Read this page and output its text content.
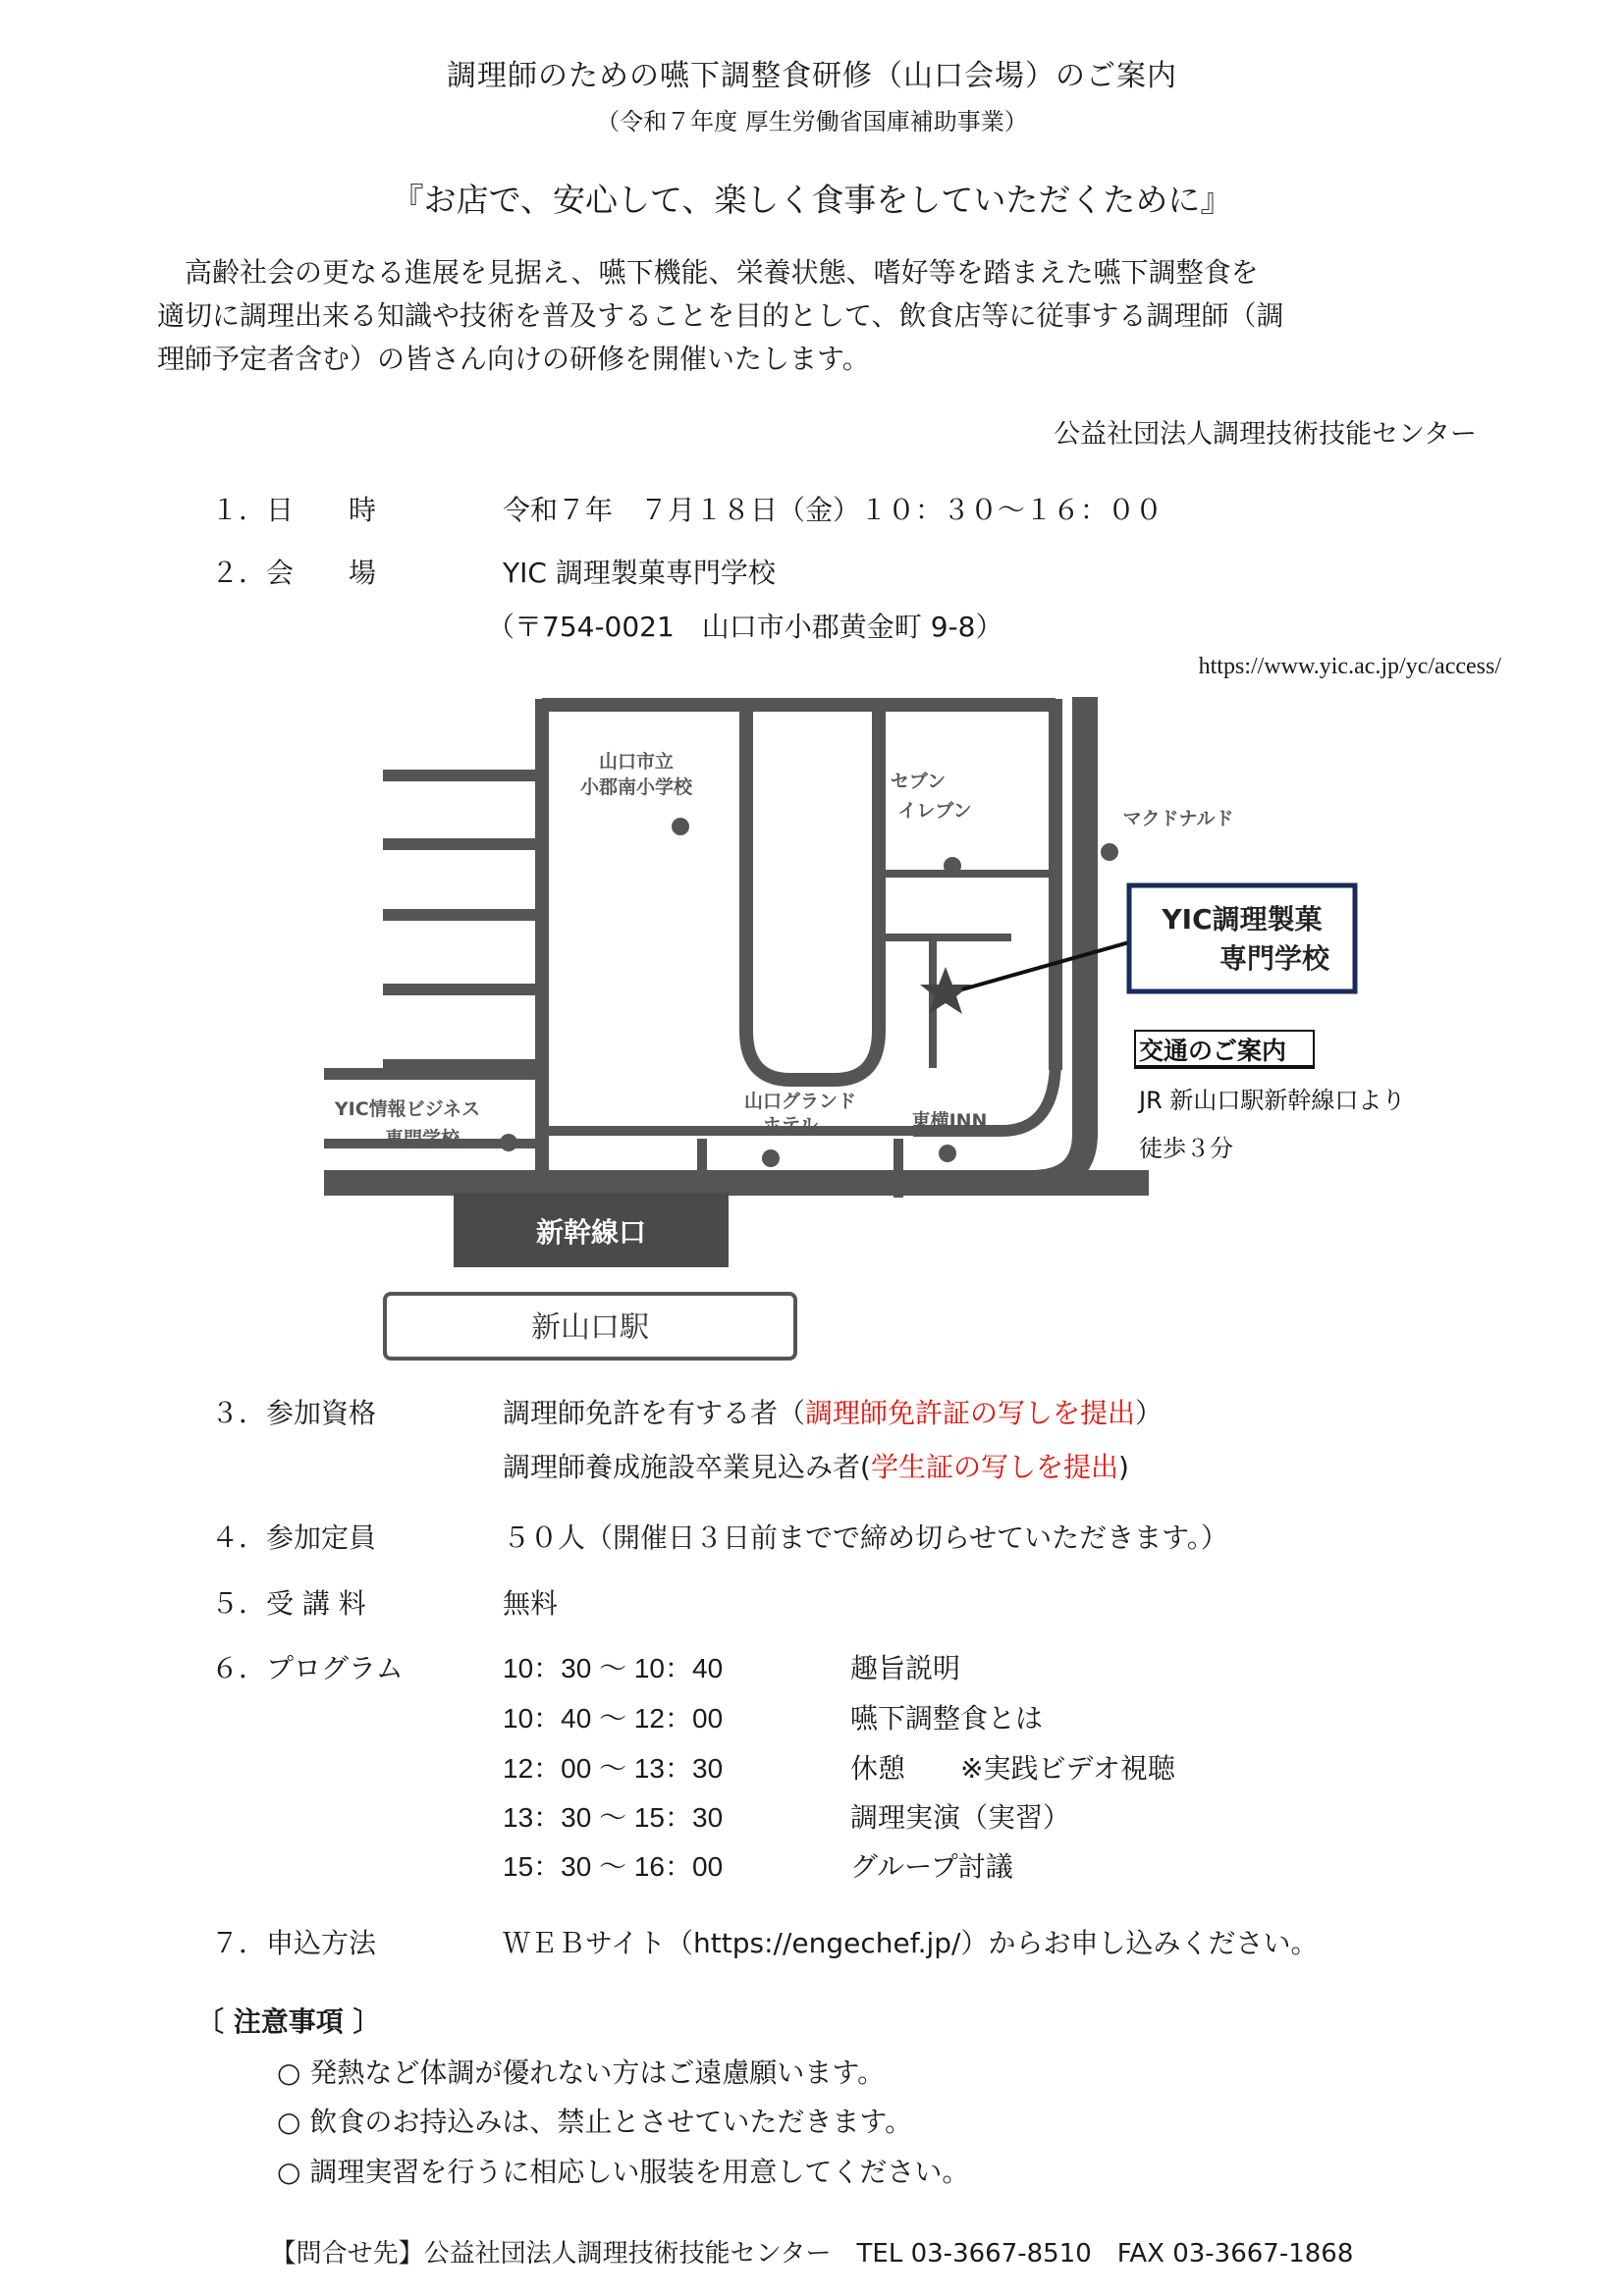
調理師のための嚥下調整食研修（山口会場）のご案内
（令和７年度 厚生労働省国庫補助事業）
『お店で、安心して、楽しく食事をしていただくために』

高齢社会の更なる進展を見据え、嚥下機能、栄養状態、嗜好等を踏まえた嚥下調整食を

適切に調理出来る知識や技術を普及することを目的として、飲食店等に従事する調理師（調

理師予定者含む）の皆さん向けの研修を開催いたします。

公益社団法人調理技術技能センター
１．日　　時	令和７年　７月１８日（金）１０：３０～１６：００
２．会　　場	YIC 調理製菓専門学校
（〒754-0021　山口市小郡黄金町 9-8）
https://www.yic.ac.jp/yc/access/
新幹線口
新山口駅
山口市立
小郡南小学校	セブン
イレブン	マクドナルド
YIC情報ビジネス
専門学校
山口グランド
ホテル	東横INN
YIC調理製菓
専門学校
交通のご案内
JR 新山口駅新幹線口より
徒歩３分
３．参加資格	調理師免許を有する者（調理師免許証の写しを提出）
調理師養成施設卒業見込み者(学生証の写しを提出)
４．参加定員	５０人（開催日３日前までで締め切らせていただきます。）
５．受 講 料	無料
６．プログラム	10：30 ～ 10：40	趣旨説明
10：40 ～ 12：00	嚥下調整食とは
12：00 ～ 13：30	休憩　　※実践ビデオ視聴
13：30 ～ 15：30	調理実演（実習）
15：30 ～ 16：00	グループ討議
７．申込方法	ＷＥＢサイト（https://engechef.jp/）からお申し込みください。
〔 注意事項 〕
○ 発熱など体調が優れない方はご遠慮願います。
○ 飲食のお持込みは、禁止とさせていただきます。
○ 調理実習を行うに相応しい服装を用意してください。
【問合せ先】公益社団法人調理技術技能センター　TEL 03-3667-8510　FAX 03-3667-1868
